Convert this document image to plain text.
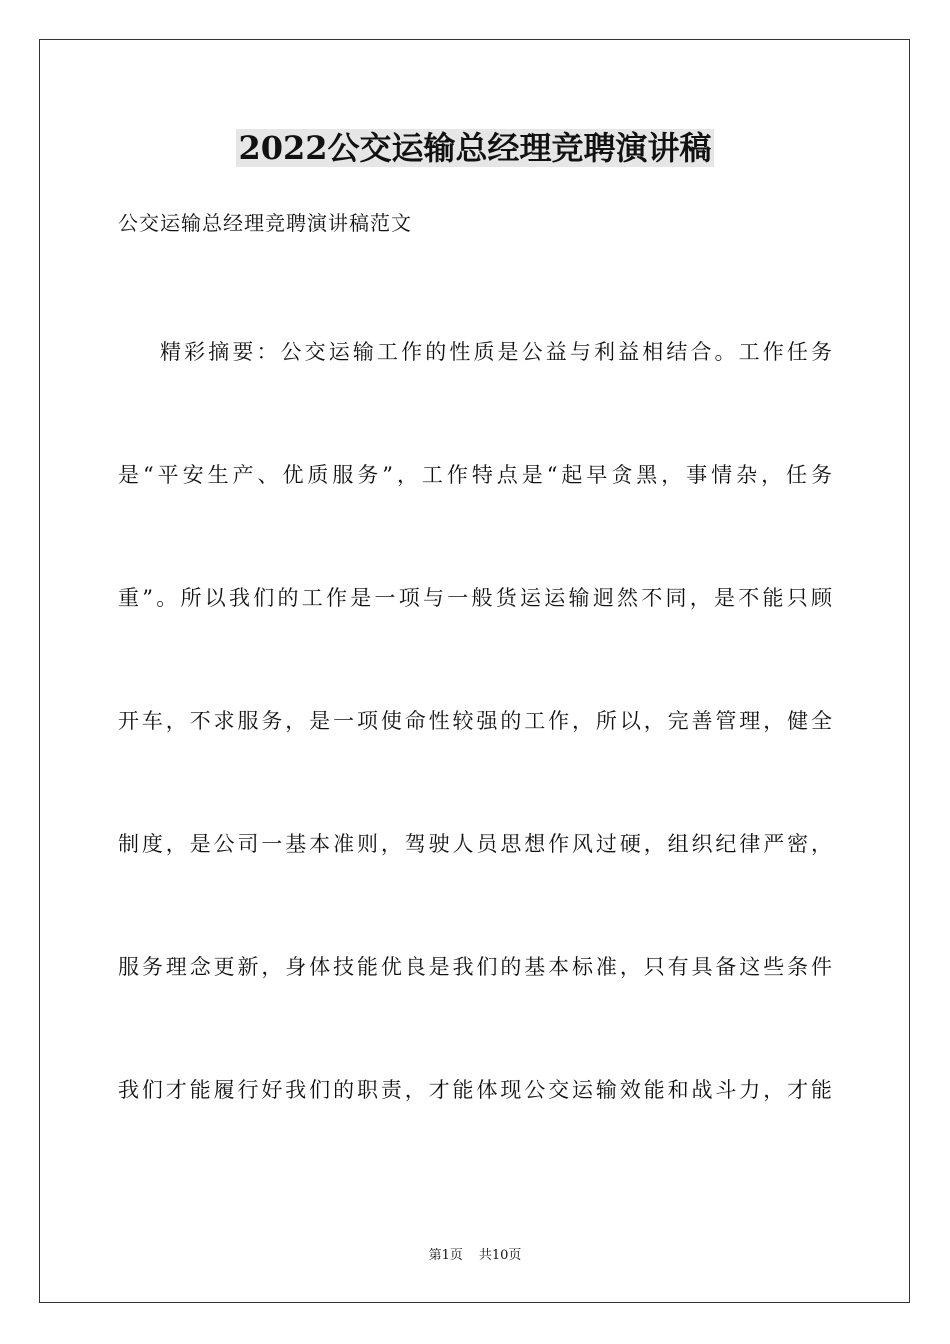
2022公交运输总经理竞聘演讲稿
公交运输总经理竞聘演讲稿范文
精彩摘要：公交运输工作的性质是公益与利益相结合。工作任务
是“平安生产、优质服务”，工作特点是“起早贪黑，事情杂，任务
重”。所以我们的工作是一项与一般货运运输迥然不同，是不能只顾
开车，不求服务，是一项使命性较强的工作，所以，完善管理，健全
制度，是公司一基本准则，驾驶人员思想作风过硬，组织纪律严密，
服务理念更新，身体技能优良是我们的基本标准，只有具备这些条件
我们才能履行好我们的职责，才能体现公交运输效能和战斗力，才能
第1页 共10页
